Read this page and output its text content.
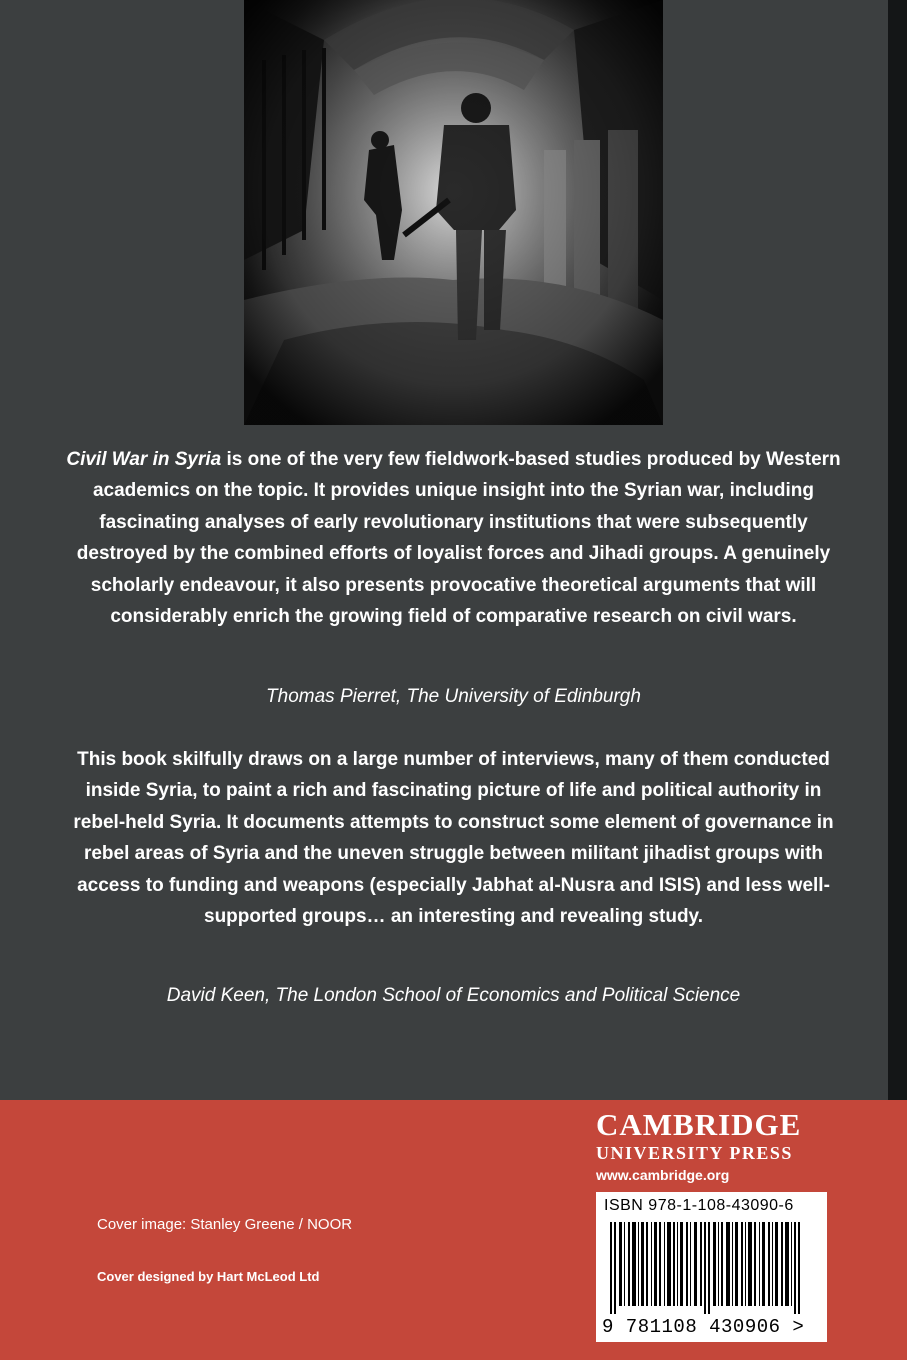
Civil War in Syria is one of the very few fieldwork-based studies produced by Western academics on the topic. It provides unique insight into the Syrian war, including fascinating analyses of early revolutionary institutions that were subsequently destroyed by the combined efforts of loyalist forces and Jihadi groups. A genuinely scholarly endeavour, it also presents provocative theoretical arguments that will considerably enrich the growing field of comparative research on civil wars.
Thomas Pierret, The University of Edinburgh
This book skilfully draws on a large number of interviews, many of them conducted inside Syria, to paint a rich and fascinating picture of life and political authority in rebel-held Syria. It documents attempts to construct some element of governance in rebel areas of Syria and the uneven struggle between militant jihadist groups with access to funding and weapons (especially Jabhat al-Nusra and ISIS) and less well-supported groups… an interesting and revealing study.
David Keen, The London School of Economics and Political Science
Cover image: Stanley Greene / NOOR
Cover designed by Hart McLeod Ltd
CAMBRIDGE
UNIVERSITY PRESS
www.cambridge.org
ISBN 978-1-108-43090-6
9 781108 430906 >
